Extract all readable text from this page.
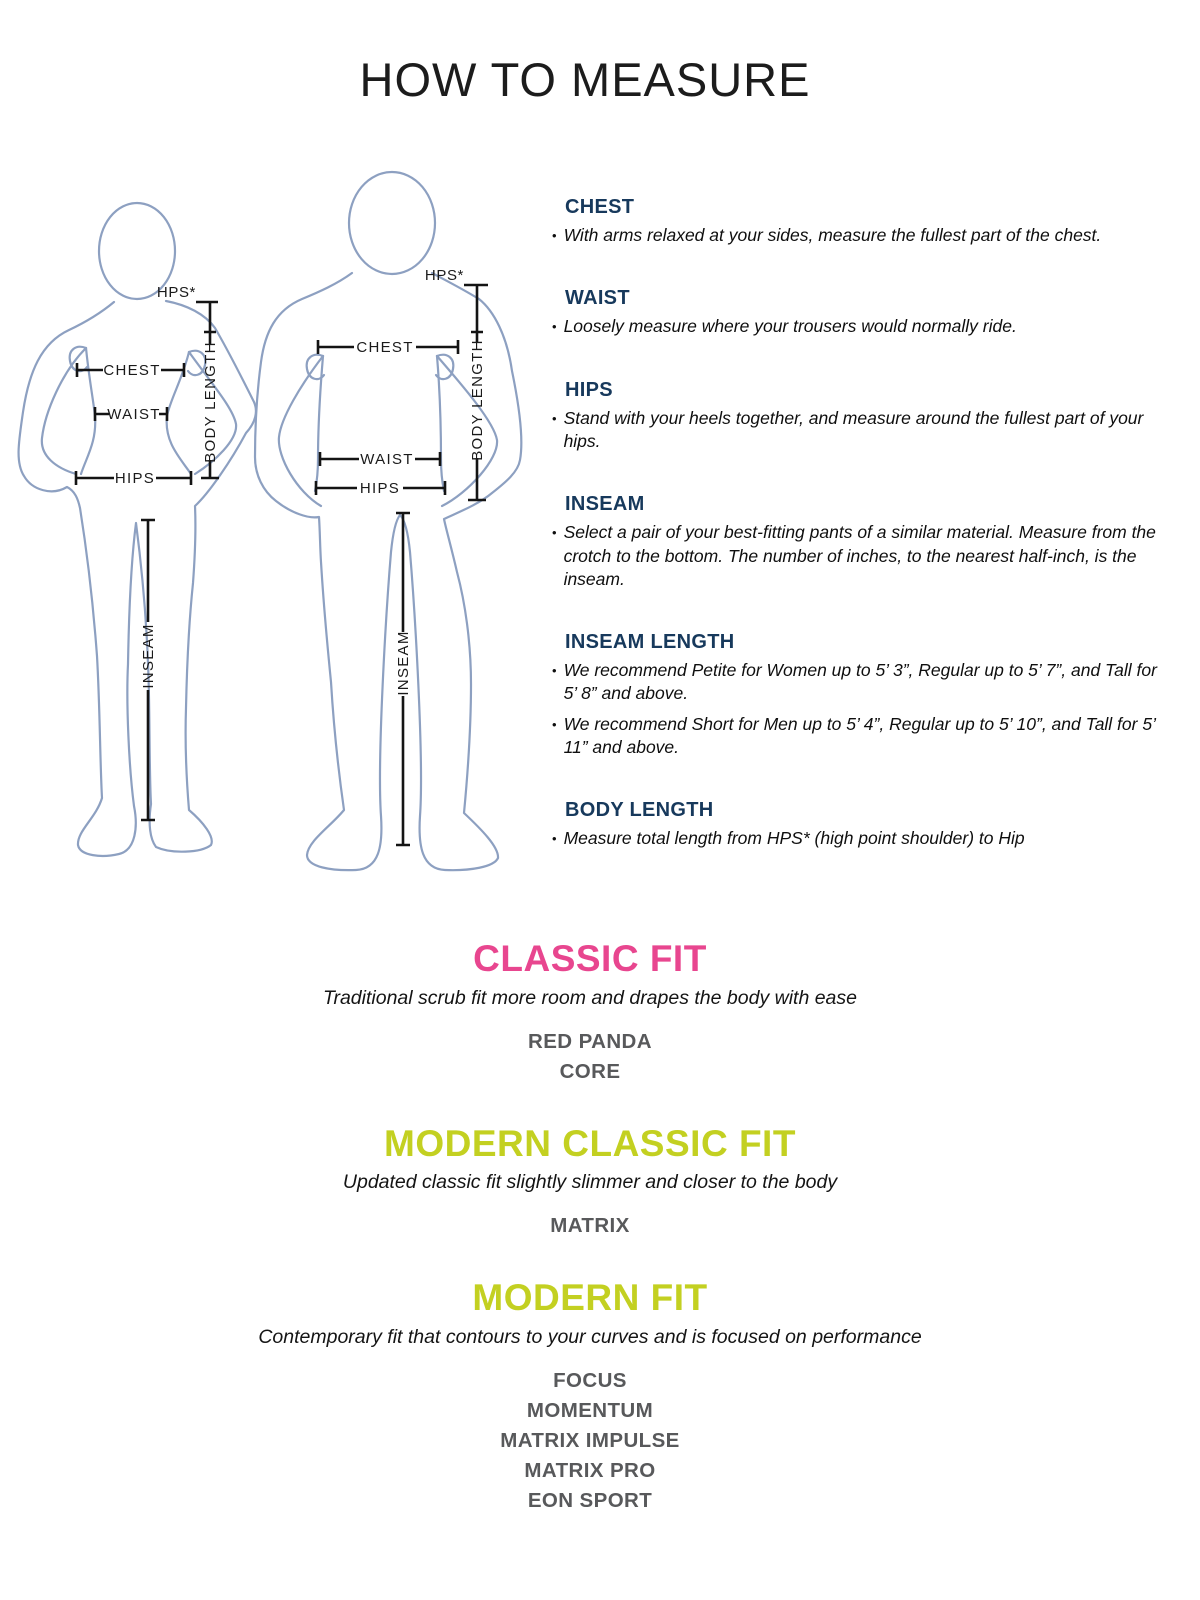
HOW TO MEASURE
HPS*
BODY LENGTH
CHEST
WAIST
HIPS
INSEAM
HPS*
BODY LENGTH
CHEST
WAIST
HIPS
INSEAM
CHEST
• With arms relaxed at your sides, measure the fullest part of the chest.
WAIST
• Loosely measure where your trousers would normally ride.
HIPS
• Stand with your heels together, and measure around the fullest part of your hips.
INSEAM
• Select a pair of your best-fitting pants of a similar material. Measure from the crotch to the bottom. The number of inches, to the nearest half-inch, is the inseam.
INSEAM LENGTH
• We recommend Petite for Women up to 5’ 3”, Regular up to 5’ 7”, and Tall for 5’ 8” and above.
• We recommend Short for Men up to 5’ 4”, Regular up to 5’ 10”, and Tall for 5’ 11” and above.
BODY LENGTH
• Measure total length from HPS* (high point shoulder) to Hip
CLASSIC FIT
Traditional scrub fit more room and drapes the body with ease
RED PANDA
CORE
MODERN CLASSIC FIT
Updated classic fit slightly slimmer and closer to the body
MATRIX
MODERN FIT
Contemporary fit that contours to your curves and is focused on performance
FOCUS
MOMENTUM
MATRIX IMPULSE
MATRIX PRO
EON SPORT
